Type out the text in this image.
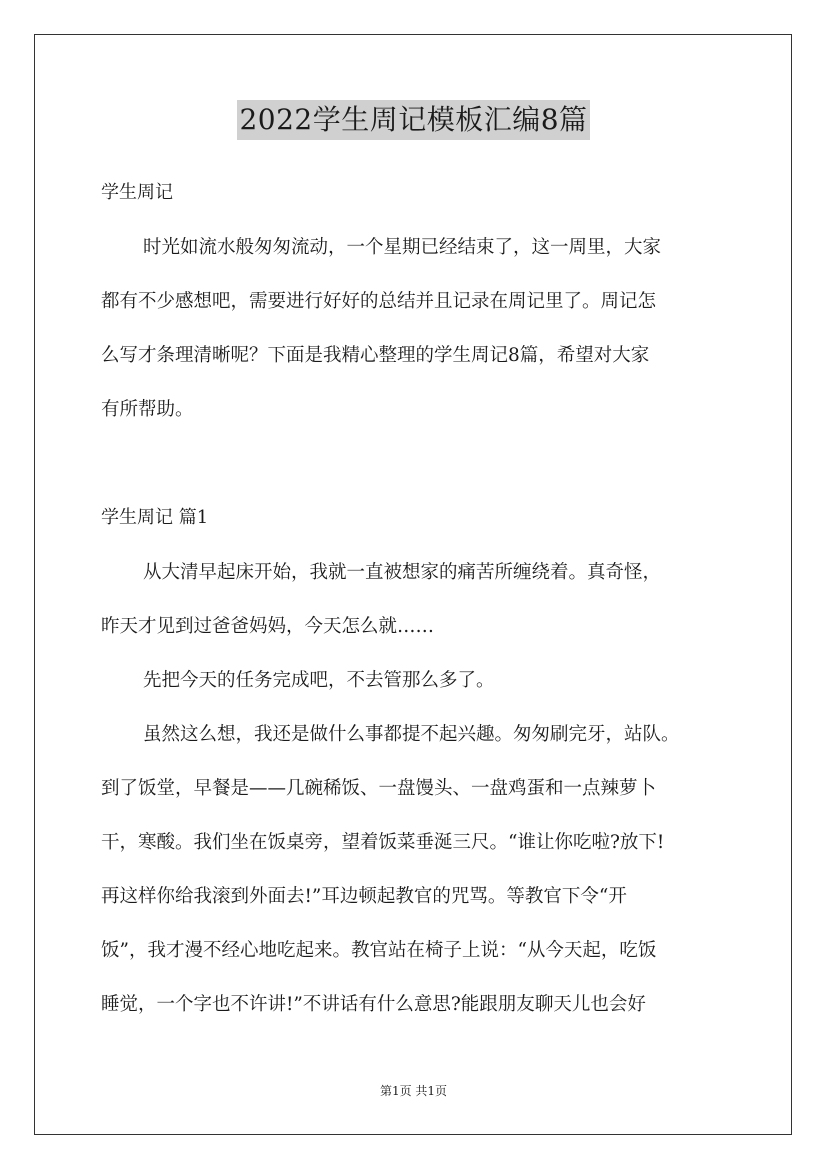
2022学生周记模板汇编8篇
学生周记
时光如流水般匆匆流动，一个星期已经结束了，这一周里，大家
都有不少感想吧，需要进行好好的总结并且记录在周记里了。周记怎
么写才条理清晰呢？下面是我精心整理的学生周记8篇，希望对大家
有所帮助。
学生周记 篇1
从大清早起床开始，我就一直被想家的痛苦所缠绕着。真奇怪，
昨天才见到过爸爸妈妈，今天怎么就……
先把今天的任务完成吧，不去管那么多了。
虽然这么想，我还是做什么事都提不起兴趣。匆匆刷完牙，站队。
到了饭堂，早餐是——几碗稀饭、一盘馒头、一盘鸡蛋和一点辣萝卜
干，寒酸。我们坐在饭桌旁，望着饭菜垂涎三尺。“谁让你吃啦?放下!
再这样你给我滚到外面去!”耳边顿起教官的咒骂。等教官下令“开
饭”，我才漫不经心地吃起来。教官站在椅子上说：“从今天起，吃饭
睡觉，一个字也不许讲!”不讲话有什么意思?能跟朋友聊天儿也会好
第1页 共1页
